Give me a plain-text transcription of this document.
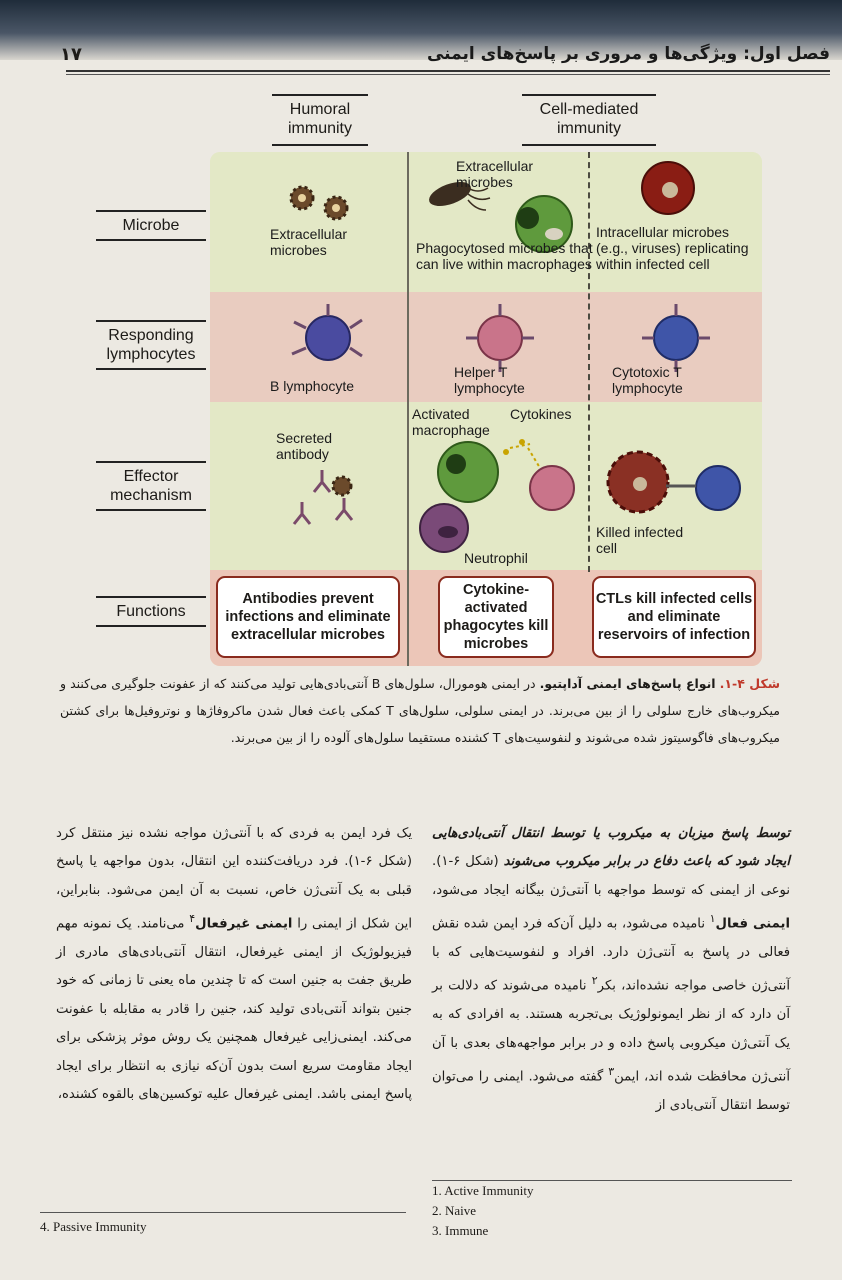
فصل اول: ویژگی‌ها و مروری بر پاسخ‌های ایمنی
۱۷
Humoral immunity
Cell-mediated immunity
Microbe
Responding lymphocytes
Effector mechanism
Functions
Extracellular microbes
Extracellular microbes
Phagocytosed microbes that can live within macrophages
Intracellular microbes (e.g., viruses) replicating within infected cell
B lymphocyte
Helper T lymphocyte
Cytotoxic T lymphocyte
Secreted antibody
Activated macrophage
Cytokines
Neutrophil
Killed infected cell
Antibodies prevent infections and eliminate extracellular microbes
Cytokine-activated phagocytes kill microbes
CTLs kill infected cells and eliminate reservoirs of infection
شکل ۴-۱. انواع پاسخ‌های ایمنی آداپتیو. در ایمنی هومورال، سلول‌های B آنتی‌بادی‌هایی تولید می‌کنند که از عفونت جلوگیری می‌کنند و میکروب‌های خارج سلولی را از بین می‌برند. در ایمنی سلولی، سلول‌های T کمکی باعث فعال شدن ماکروفاژها و نوتروفیل‌ها برای کشتن میکروب‌های فاگوسیتوز شده می‌شوند و لنفوسیت‌های T کشنده مستقیما سلول‌های آلوده را از بین می‌برند.
توسط پاسخ میزبان به میکروب یا توسط انتقال آنتی‌بادی‌هایی ایجاد شود که باعث دفاع در برابر میکروب می‌شوند (شکل ۶-۱). نوعی از ایمنی که توسط مواجهه با آنتی‌ژن بیگانه ایجاد می‌شود، ایمنی فعال$^۱$ نامیده می‌شود، به دلیل آن‌که فرد ایمن شده نقش فعالی در پاسخ به آنتی‌ژن دارد. افراد و لنفوسیت‌هایی که با آنتی‌ژن خاصی مواجه نشده‌اند، بکر$^۲$ نامیده می‌شوند که دلالت بر آن دارد که از نظر ایمونولوژیک بی‌تجربه هستند. به افرادی که به یک آنتی‌ژن میکروبی پاسخ داده و در برابر مواجهه‌های بعدی با آن آنتی‌ژن محافظت شده اند، ایمن$^۳$ گفته می‌شود. ایمنی را می‌توان توسط انتقال آنتی‌بادی از
یک فرد ایمن به فردی که با آنتی‌ژن مواجه نشده نیز منتقل کرد (شکل ۶-۱). فرد دریافت‌کننده این انتقال، بدون مواجهه یا پاسخ قبلی به یک آنتی‌ژن خاص، نسبت به آن ایمن می‌شود. بنابراین، این شکل از ایمنی را ایمنی غیرفعال$^۴$ می‌نامند. یک نمونه مهم فیزیولوژیک از ایمنی غیرفعال، انتقال آنتی‌بادی‌های مادری از طریق جفت به جنین است که تا چندین ماه یعنی تا زمانی که خود جنین بتواند آنتی‌بادی تولید کند، جنین را قادر به مقابله با عفونت می‌کند. ایمنی‌زایی غیرفعال همچنین یک روش موثر پزشکی برای ایجاد مقاومت سریع است بدون آن‌که نیازی به انتظار برای ایجاد پاسخ ایمنی باشد. ایمنی غیرفعال علیه توکسین‌های بالقوه کشنده،
1. Active Immunity
2. Naive
3. Immune
4. Passive Immunity
